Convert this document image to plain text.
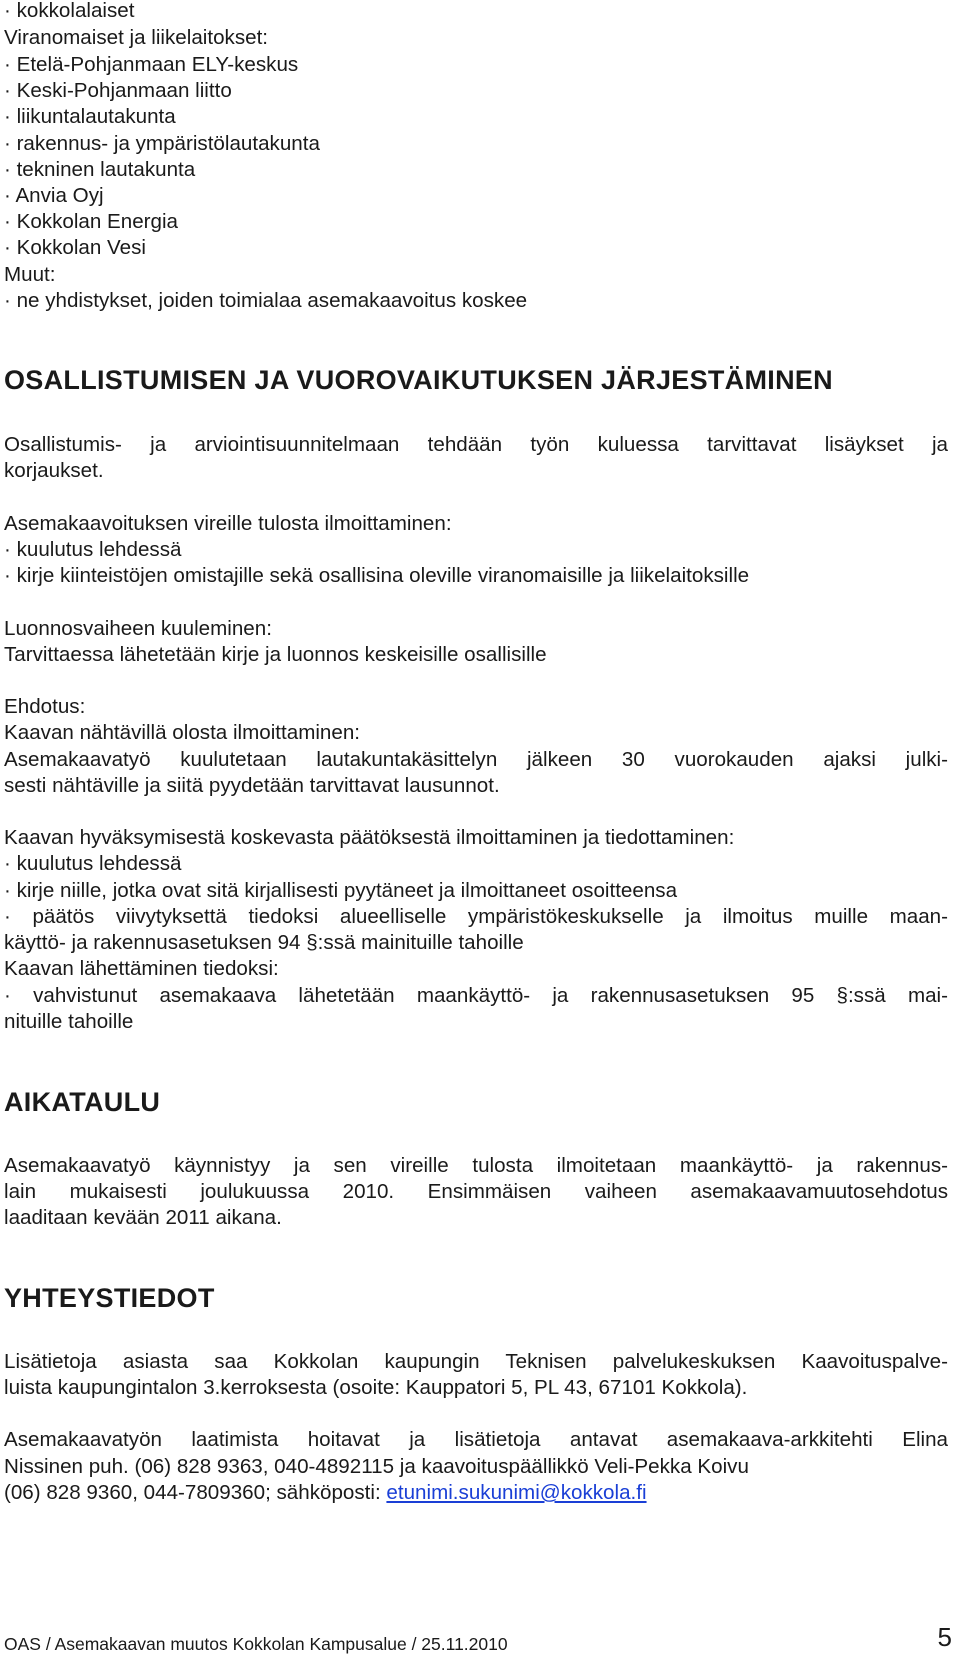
· kokkolalaiset

Viranomaiset ja liikelaitokset:

· Etelä-Pohjanmaan ELY-keskus

· Keski-Pohjanmaan liitto

· liikuntalautakunta

· rakennus- ja ympäristölautakunta

· tekninen lautakunta

· Anvia Oyj

· Kokkolan Energia

· Kokkolan Vesi

Muut:

· ne yhdistykset, joiden toimialaa asemakaavoitus koskee

OSALLISTUMISEN JA VUOROVAIKUTUKSEN JÄRJESTÄMINEN

Osallistumis- ja arviointisuunnitelmaan tehdään työn kuluessa tarvittavat lisäykset ja

korjaukset.

Asemakaavoituksen vireille tulosta ilmoittaminen:

· kuulutus lehdessä

· kirje kiinteistöjen omistajille sekä osallisina oleville viranomaisille ja liikelaitoksille

Luonnosvaiheen kuuleminen:

Tarvittaessa lähetetään kirje ja luonnos keskeisille osallisille

Ehdotus:

Kaavan nähtävillä olosta ilmoittaminen:

Asemakaavatyö kuulutetaan lautakuntakäsittelyn jälkeen 30 vuorokauden ajaksi julki-

sesti nähtäville ja siitä pyydetään tarvittavat lausunnot.

Kaavan hyväksymisestä koskevasta päätöksestä ilmoittaminen ja tiedottaminen:

· kuulutus lehdessä

· kirje niille, jotka ovat sitä kirjallisesti pyytäneet ja ilmoittaneet osoitteensa

· päätös viivytyksettä tiedoksi alueelliselle ympäristökeskukselle ja ilmoitus muille maan-

käyttö- ja rakennusasetuksen 94 §:ssä mainituille tahoille

Kaavan lähettäminen tiedoksi:

· vahvistunut asemakaava lähetetään maankäyttö- ja rakennusasetuksen 95 §:ssä mai-

nituille tahoille

AIKATAULU

Asemakaavatyö käynnistyy ja sen vireille tulosta ilmoitetaan maankäyttö- ja rakennus-

lain mukaisesti joulukuussa 2010. Ensimmäisen vaiheen asemakaavamuutosehdotus

laaditaan kevään 2011 aikana.

YHTEYSTIEDOT

Lisätietoja asiasta saa Kokkolan kaupungin Teknisen palvelukeskuksen Kaavoituspalve-

luista kaupungintalon 3.kerroksesta (osoite: Kauppatori 5, PL 43, 67101 Kokkola).

Asemakaavatyön laatimista hoitavat ja lisätietoja antavat asemakaava-arkkitehti Elina

Nissinen puh. (06) 828 9363, 040-4892115 ja kaavoituspäällikkö Veli-Pekka Koivu

(06) 828 9360, 044-7809360; sähköposti: etunimi.sukunimi@kokkola.fi

OAS / Asemakaavan muutos Kokkolan Kampusalue / 25.11.2010	5
